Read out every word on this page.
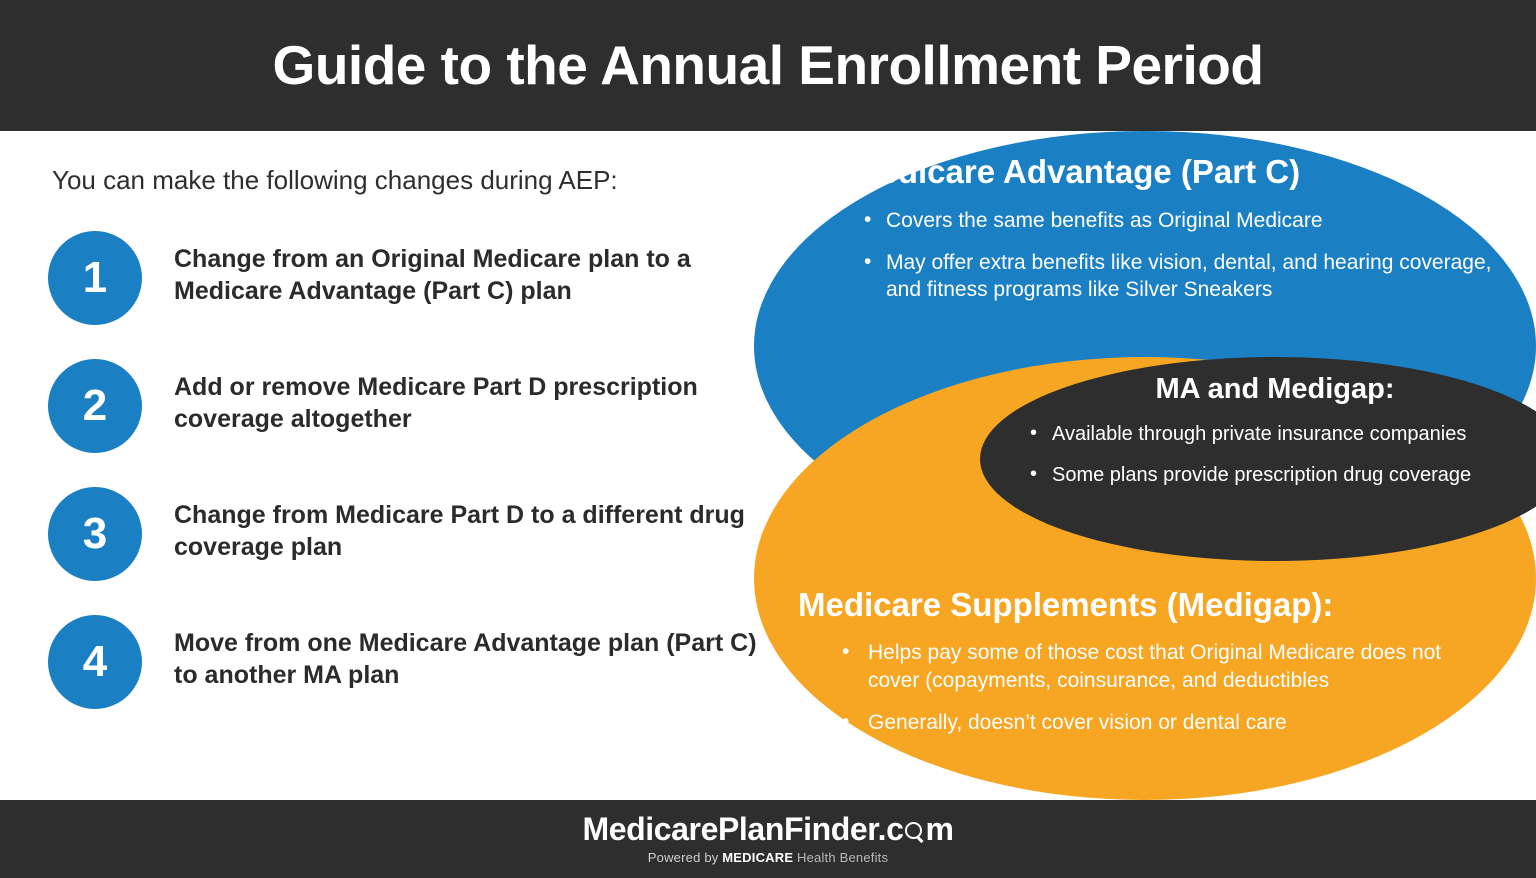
Guide to the Annual Enrollment Period
You can make the following changes during AEP:
1	Change from an Original Medicare plan to a Medicare Advantage (Part C) plan
2	Add or remove Medicare Part D prescription coverage altogether
3	Change from Medicare Part D to a different drug coverage plan
4	Move from one Medicare Advantage plan (Part C) to another MA plan
Medicare Advantage (Part C)
• Covers the same benefits as Original Medicare
• May offer extra benefits like vision, dental, and hearing coverage, and fitness programs like Silver Sneakers
MA and Medigap:
• Available through private insurance companies
• Some plans provide prescription drug coverage
Medicare Supplements (Medigap):
• Helps pay some of those cost that Original Medicare does not cover (copayments, coinsurance, and deductibles
• Generally, doesn’t cover vision or dental care
MedicarePlanFinder.c m
Powered by MEDICARE Health Benefits
